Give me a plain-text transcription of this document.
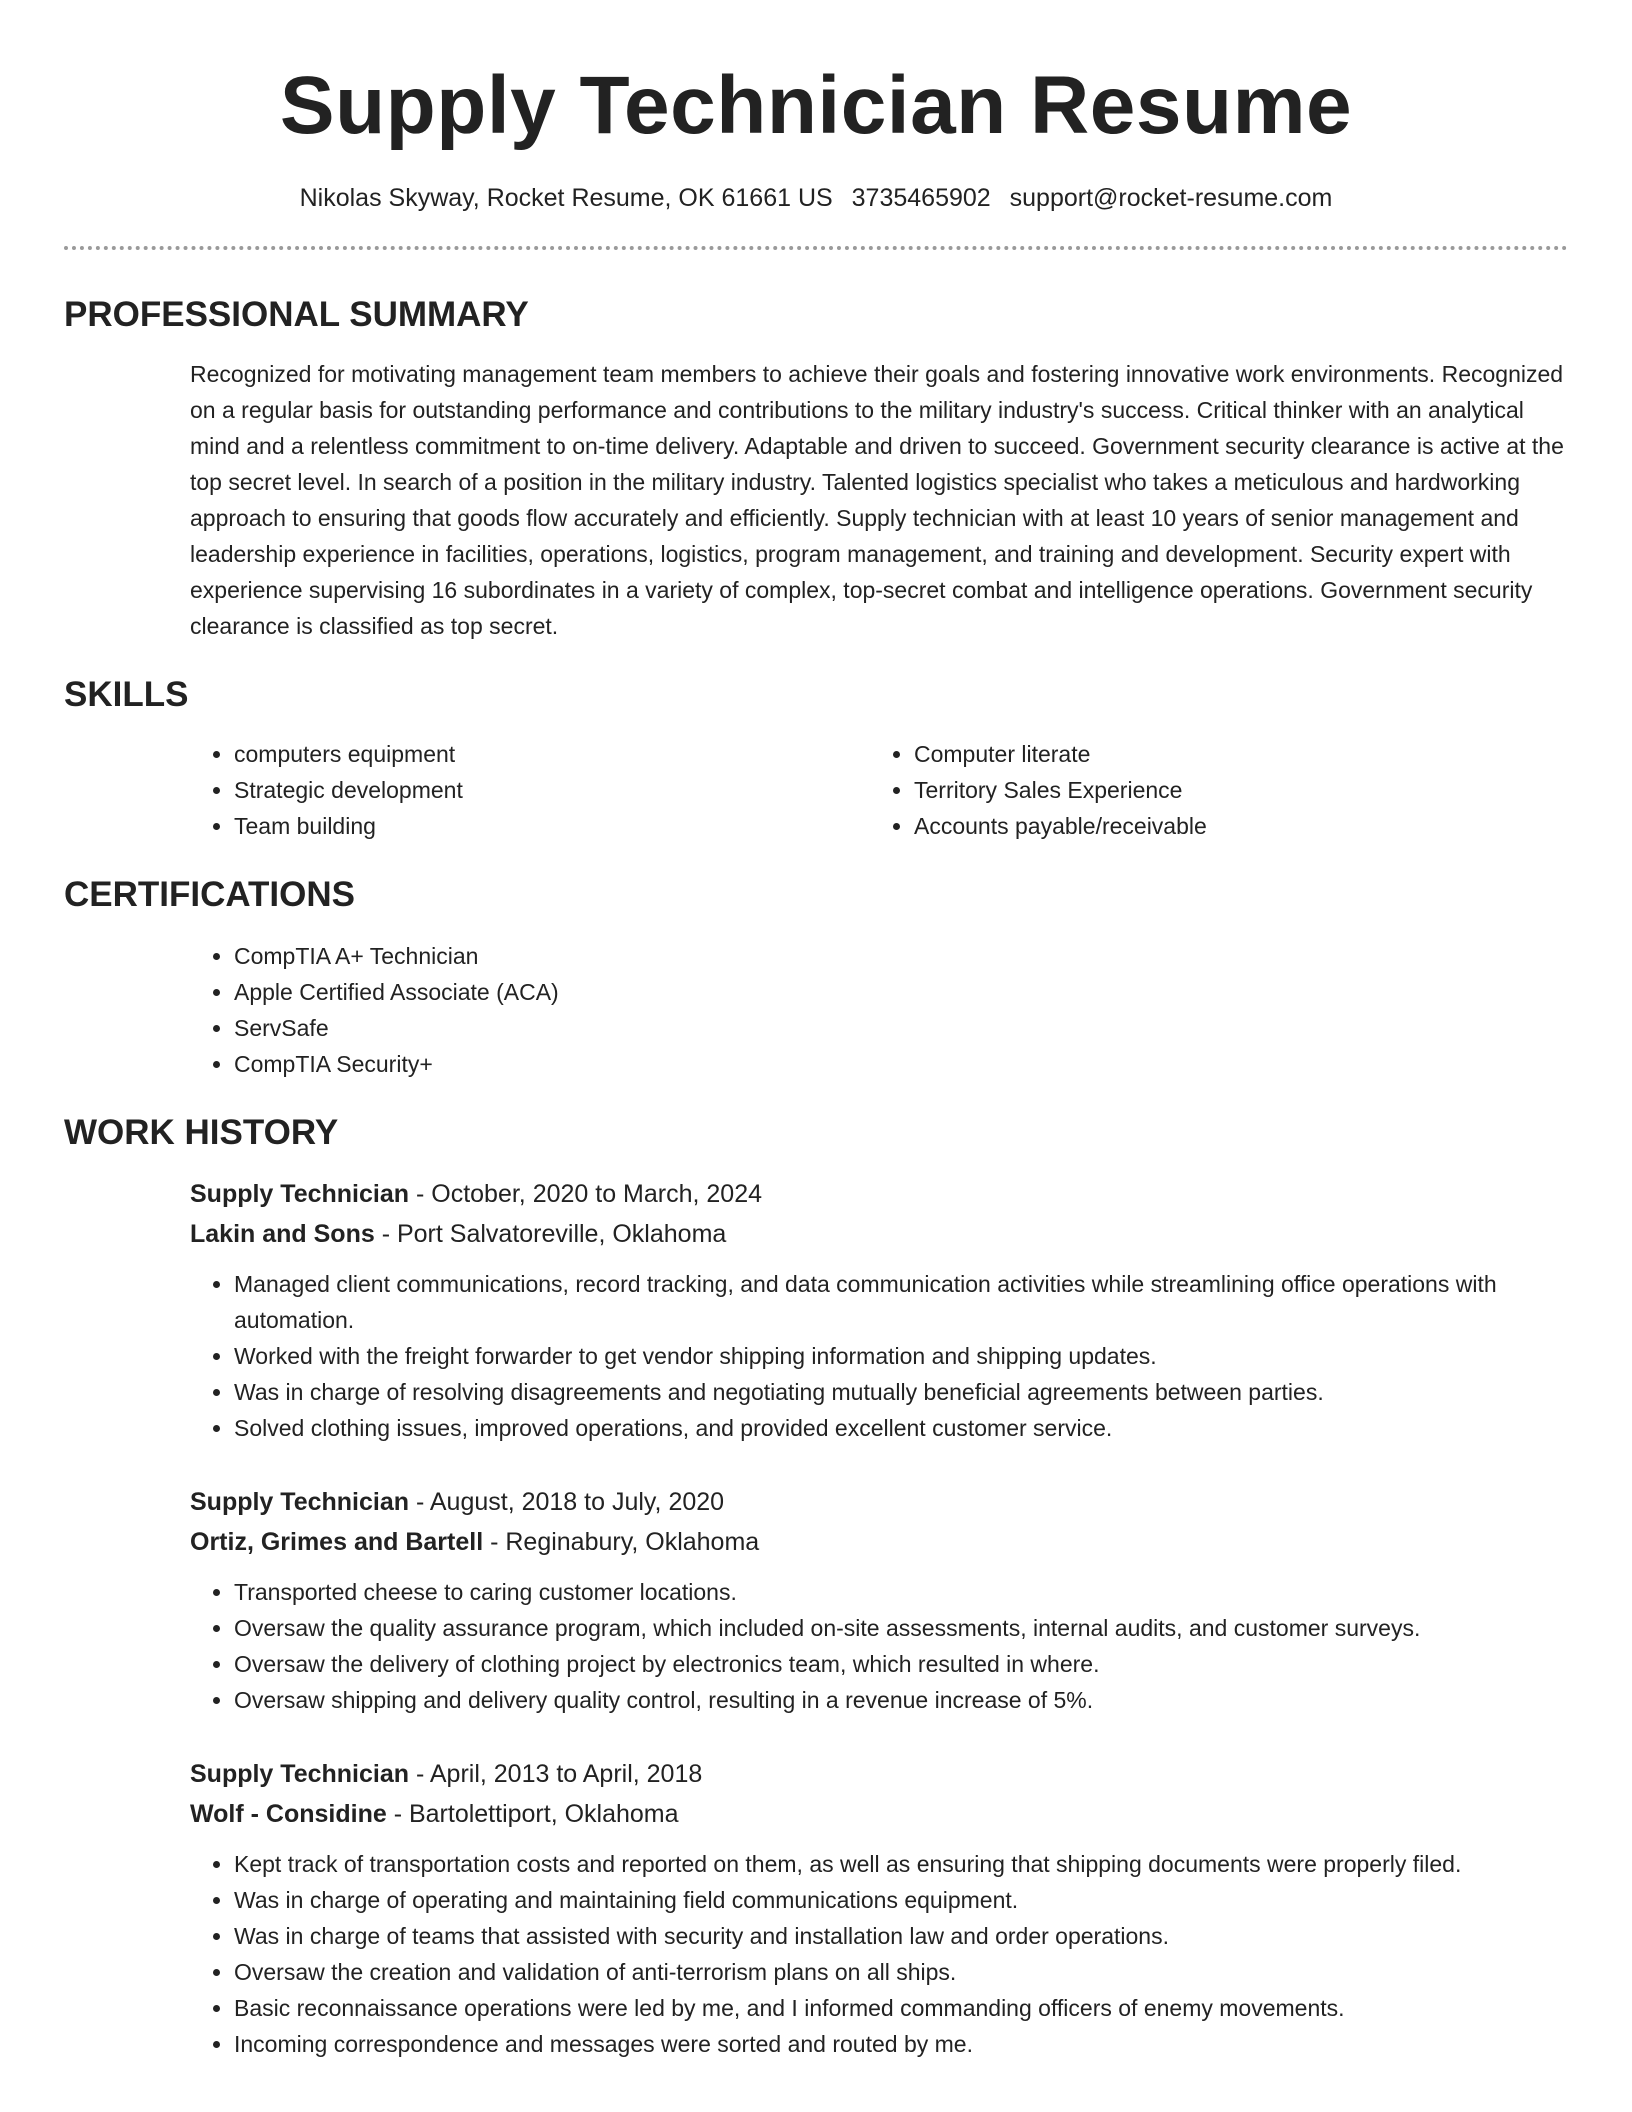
Supply Technician Resume
Nikolas Skyway, Rocket Resume, OK 61661 US 3735465902 support@rocket-resume.com
PROFESSIONAL SUMMARY

Recognized for motivating management team members to achieve their goals and fostering innovative work environments. Recognized on a regular basis for outstanding performance and contributions to the military industry's success. Critical thinker with an analytical mind and a relentless commitment to on-time delivery. Adaptable and driven to succeed. Government security clearance is active at the top secret level. In search of a position in the military industry. Talented logistics specialist who takes a meticulous and hardworking approach to ensuring that goods flow accurately and efficiently. Supply technician with at least 10 years of senior management and leadership experience in facilities, operations, logistics, program management, and training and development. Security expert with experience supervising 16 subordinates in a variety of complex, top-secret combat and intelligence operations. Government security clearance is classified as top secret.

SKILLS
• computers equipment
• Strategic development
• Team building
• Computer literate
• Territory Sales Experience
• Accounts payable/receivable
CERTIFICATIONS
• CompTIA A+ Technician
• Apple Certified Associate (ACA)
• ServSafe
• CompTIA Security+
WORK HISTORY
Supply Technician - October, 2020 to March, 2024
Lakin and Sons - Port Salvatoreville, Oklahoma
• Managed client communications, record tracking, and data communication activities while streamlining office operations with automation.
• Worked with the freight forwarder to get vendor shipping information and shipping updates.
• Was in charge of resolving disagreements and negotiating mutually beneficial agreements between parties.
• Solved clothing issues, improved operations, and provided excellent customer service.
Supply Technician - August, 2018 to July, 2020
Ortiz, Grimes and Bartell - Reginabury, Oklahoma
• Transported cheese to caring customer locations.
• Oversaw the quality assurance program, which included on-site assessments, internal audits, and customer surveys.
• Oversaw the delivery of clothing project by electronics team, which resulted in where.
• Oversaw shipping and delivery quality control, resulting in a revenue increase of 5%.
Supply Technician - April, 2013 to April, 2018
Wolf - Considine - Bartolettiport, Oklahoma
• Kept track of transportation costs and reported on them, as well as ensuring that shipping documents were properly filed.
• Was in charge of operating and maintaining field communications equipment.
• Was in charge of teams that assisted with security and installation law and order operations.
• Oversaw the creation and validation of anti-terrorism plans on all ships.
• Basic reconnaissance operations were led by me, and I informed commanding officers of enemy movements.
• Incoming correspondence and messages were sorted and routed by me.
